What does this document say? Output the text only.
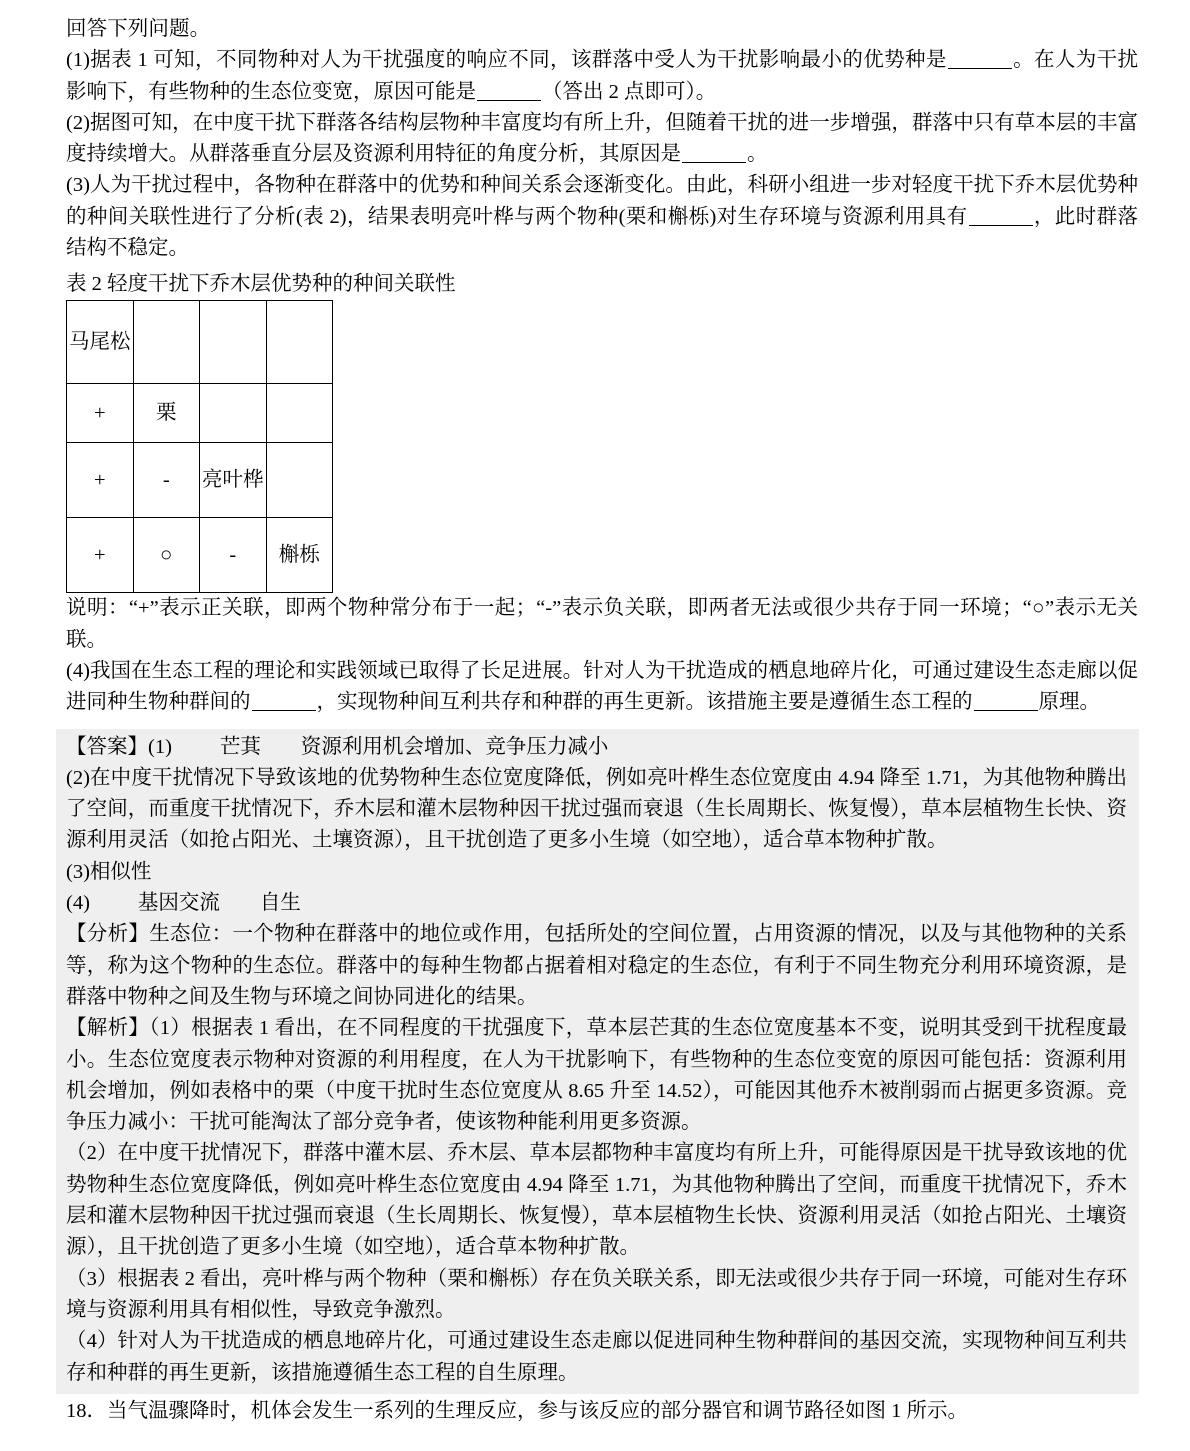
回答下列问题。
(1)据表 1 可知，不同物种对人为干扰强度的响应不同，该群落中受人为干扰影响最小的优势种是	。在人为干扰影响下，有些物种的生态位变宽，原因可能是	（答出 2 点即可）。
(2)据图可知，在中度干扰下群落各结构层物种丰富度均有所上升，但随着干扰的进一步增强，群落中只有草本层的丰富度持续增大。从群落垂直分层及资源利用特征的角度分析，其原因是	。
(3)人为干扰过程中，各物种在群落中的优势和种间关系会逐渐变化。由此，科研小组进一步对轻度干扰下乔木层优势种的种间关联性进行了分析(表 2)，结果表明亮叶桦与两个物种(栗和槲栎)对生存环境与资源利用具有	，此时群落结构不稳定。
表 2 轻度干扰下乔木层优势种的种间关联性
马尾松			
+	栗		
+	-	亮叶桦	
+	○	-	槲栎
说明：“+”表示正关联，即两个物种常分布于一起；“-”表示负关联，即两者无法或很少共存于同一环境；“○”表示无关联。
(4)我国在生态工程的理论和实践领域已取得了长足进展。针对人为干扰造成的栖息地碎片化，可通过建设生态走廊以促进同种生物种群间的	，实现物种间互利共存和种群的再生更新。该措施主要是遵循生态工程的	原理。
【答案】(1) 芒萁 资源利用机会增加、竞争压力减小
(2)在中度干扰情况下导致该地的优势物种生态位宽度降低，例如亮叶桦生态位宽度由 4.94 降至 1.71，为其他物种腾出了空间，而重度干扰情况下，乔木层和灌木层物种因干扰过强而衰退（生长周期长、恢复慢），草本层植物生长快、资源利用灵活（如抢占阳光、土壤资源），且干扰创造了更多小生境（如空地），适合草本物种扩散。
(3)相似性
(4) 基因交流 自生
【分析】生态位：一个物种在群落中的地位或作用，包括所处的空间位置，占用资源的情况，以及与其他物种的关系等，称为这个物种的生态位。群落中的每种生物都占据着相对稳定的生态位，有利于不同生物充分利用环境资源，是群落中物种之间及生物与环境之间协同进化的结果。
【解析】（1）根据表 1 看出，在不同程度的干扰强度下，草本层芒萁的生态位宽度基本不变，说明其受到干扰程度最小。生态位宽度表示物种对资源的利用程度，在人为干扰影响下，有些物种的生态位变宽的原因可能包括：资源利用机会增加，例如表格中的栗（中度干扰时生态位宽度从 8.65 升至 14.52），可能因其他乔木被削弱而占据更多资源。竞争压力减小：干扰可能淘汰了部分竞争者，使该物种能利用更多资源。
（2）在中度干扰情况下，群落中灌木层、乔木层、草本层都物种丰富度均有所上升，可能得原因是干扰导致该地的优势物种生态位宽度降低，例如亮叶桦生态位宽度由 4.94 降至 1.71，为其他物种腾出了空间，而重度干扰情况下，乔木层和灌木层物种因干扰过强而衰退（生长周期长、恢复慢），草本层植物生长快、资源利用灵活（如抢占阳光、土壤资源），且干扰创造了更多小生境（如空地），适合草本物种扩散。
（3）根据表 2 看出，亮叶桦与两个物种（栗和槲栎）存在负关联关系，即无法或很少共存于同一环境，可能对生存环境与资源利用具有相似性，导致竞争激烈。
（4）针对人为干扰造成的栖息地碎片化，可通过建设生态走廊以促进同种生物种群间的基因交流，实现物种间互利共存和种群的再生更新，该措施遵循生态工程的自生原理。
18．当气温骤降时，机体会发生一系列的生理反应，参与该反应的部分器官和调节路径如图 1 所示。
